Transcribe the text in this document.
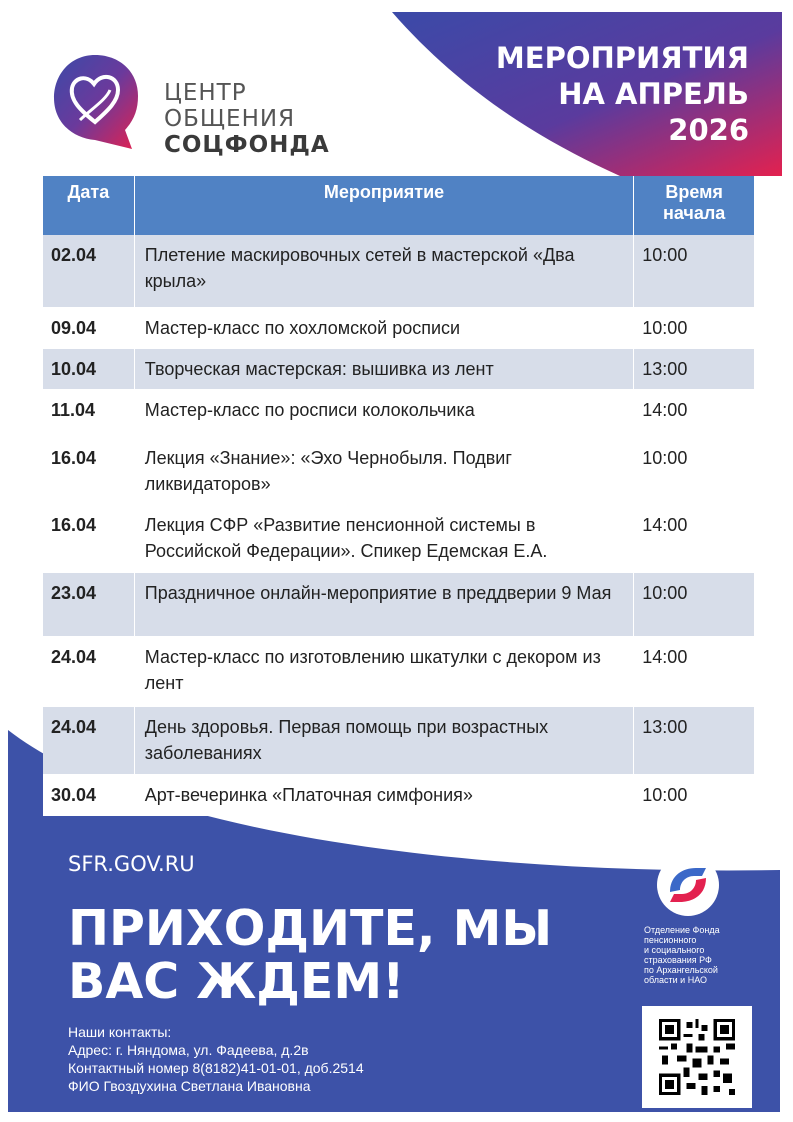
ЦЕНТР
ОБЩЕНИЯ
СОЦФОНДА
МЕРОПРИЯТИЯ
НА АПРЕЛЬ
2026
Дата	Мероприятие	Время начала
02.04	Плетение маскировочных сетей в мастерской «Два крыла»	10:00
09.04	Мастер-класс по хохломской росписи	10:00
10.04	Творческая мастерская: вышивка из лент	13:00
11.04	Мастер-класс по росписи колокольчика	14:00
16.04	Лекция «Знание»: «Эхо Чернобыля. Подвиг ликвидаторов»	10:00
16.04	Лекция СФР «Развитие пенсионной системы в Российской Федерации». Спикер Едемская Е.А.	14:00
23.04	Праздничное онлайн-мероприятие в преддверии 9 Мая	10:00
24.04	Мастер-класс по изготовлению шкатулки с декором из лент	14:00
24.04	День здоровья. Первая помощь при возрастных заболеваниях	13:00
30.04	Арт-вечеринка «Платочная симфония»	10:00
SFR.GOV.RU
ПРИХОДИТЕ, МЫ
ВАС ЖДЕМ!
Наши контакты:
Адрес: г. Няндома, ул. Фадеева, д.2в
Контактный номер 8(8182)41-01-01, доб.2514
ФИО Гвоздухина Светлана Ивановна
Отделение Фонда
пенсионного
и социального
страхования РФ
по Архангельской
области и НАО
